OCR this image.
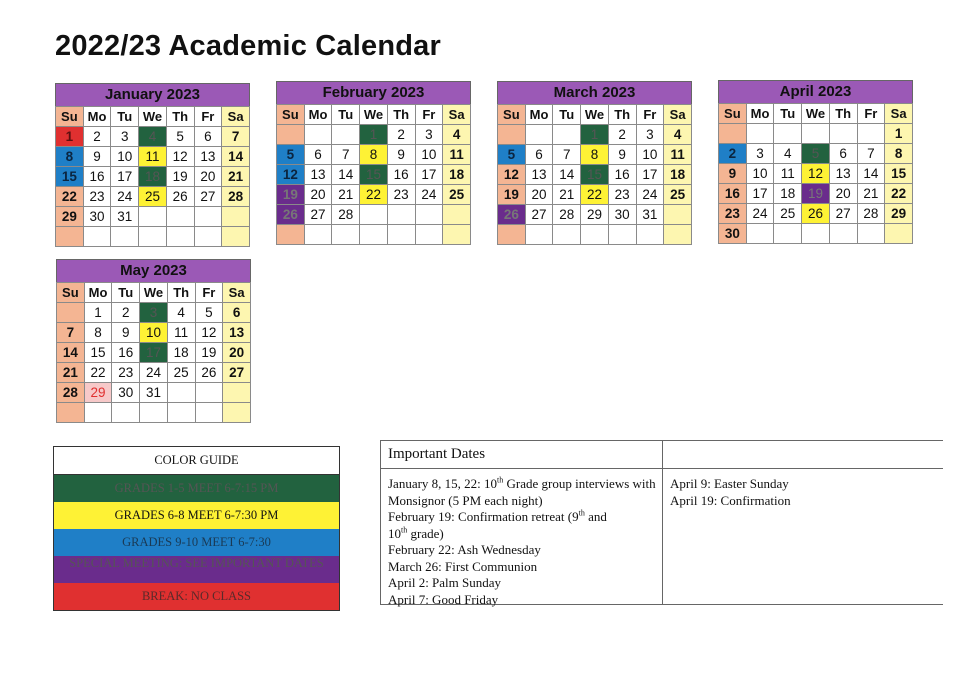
2022/23 Academic Calendar
January 2023
Su	Mo	Tu	We	Th	Fr	Sa
1	2	3	4	5	6	7
8	9	10	11	12	13	14
15	16	17	18	19	20	21
22	23	24	25	26	27	28
29	30	31				

February 2023
Su	Mo	Tu	We	Th	Fr	Sa
			1	2	3	4
5	6	7	8	9	10	11
12	13	14	15	16	17	18
19	20	21	22	23	24	25
26	27	28				

March 2023
Su	Mo	Tu	We	Th	Fr	Sa
			1	2	3	4
5	6	7	8	9	10	11
12	13	14	15	16	17	18
19	20	21	22	23	24	25
26	27	28	29	30	31	

April 2023
Su	Mo	Tu	We	Th	Fr	Sa
						1
2	3	4	5	6	7	8
9	10	11	12	13	14	15
16	17	18	19	20	21	22
23	24	25	26	27	28	29
30						
May 2023
Su	Mo	Tu	We	Th	Fr	Sa
	1	2	3	4	5	6
7	8	9	10	11	12	13
14	15	16	17	18	19	20
21	22	23	24	25	26	27
28	29	30	31			

COLOR GUIDE
GRADES 1-5 MEET 6-7:15 PM
GRADES 6-8 MEET 6-7:30 PM
GRADES 9-10 MEET 6-7:30
SPECIAL MEETING: SEE IMPORTANT DATES
BREAK: NO CLASS
Important Dates
January 8, 15, 22: 10th Grade group interviews with Monsignor (5 PM each night)
February 19: Confirmation retreat (9th and
10th grade)
February 22: Ash Wednesday
March 26: First Communion
April 2: Palm Sunday
April 7: Good Friday
April 9: Easter Sunday
April 19: Confirmation
